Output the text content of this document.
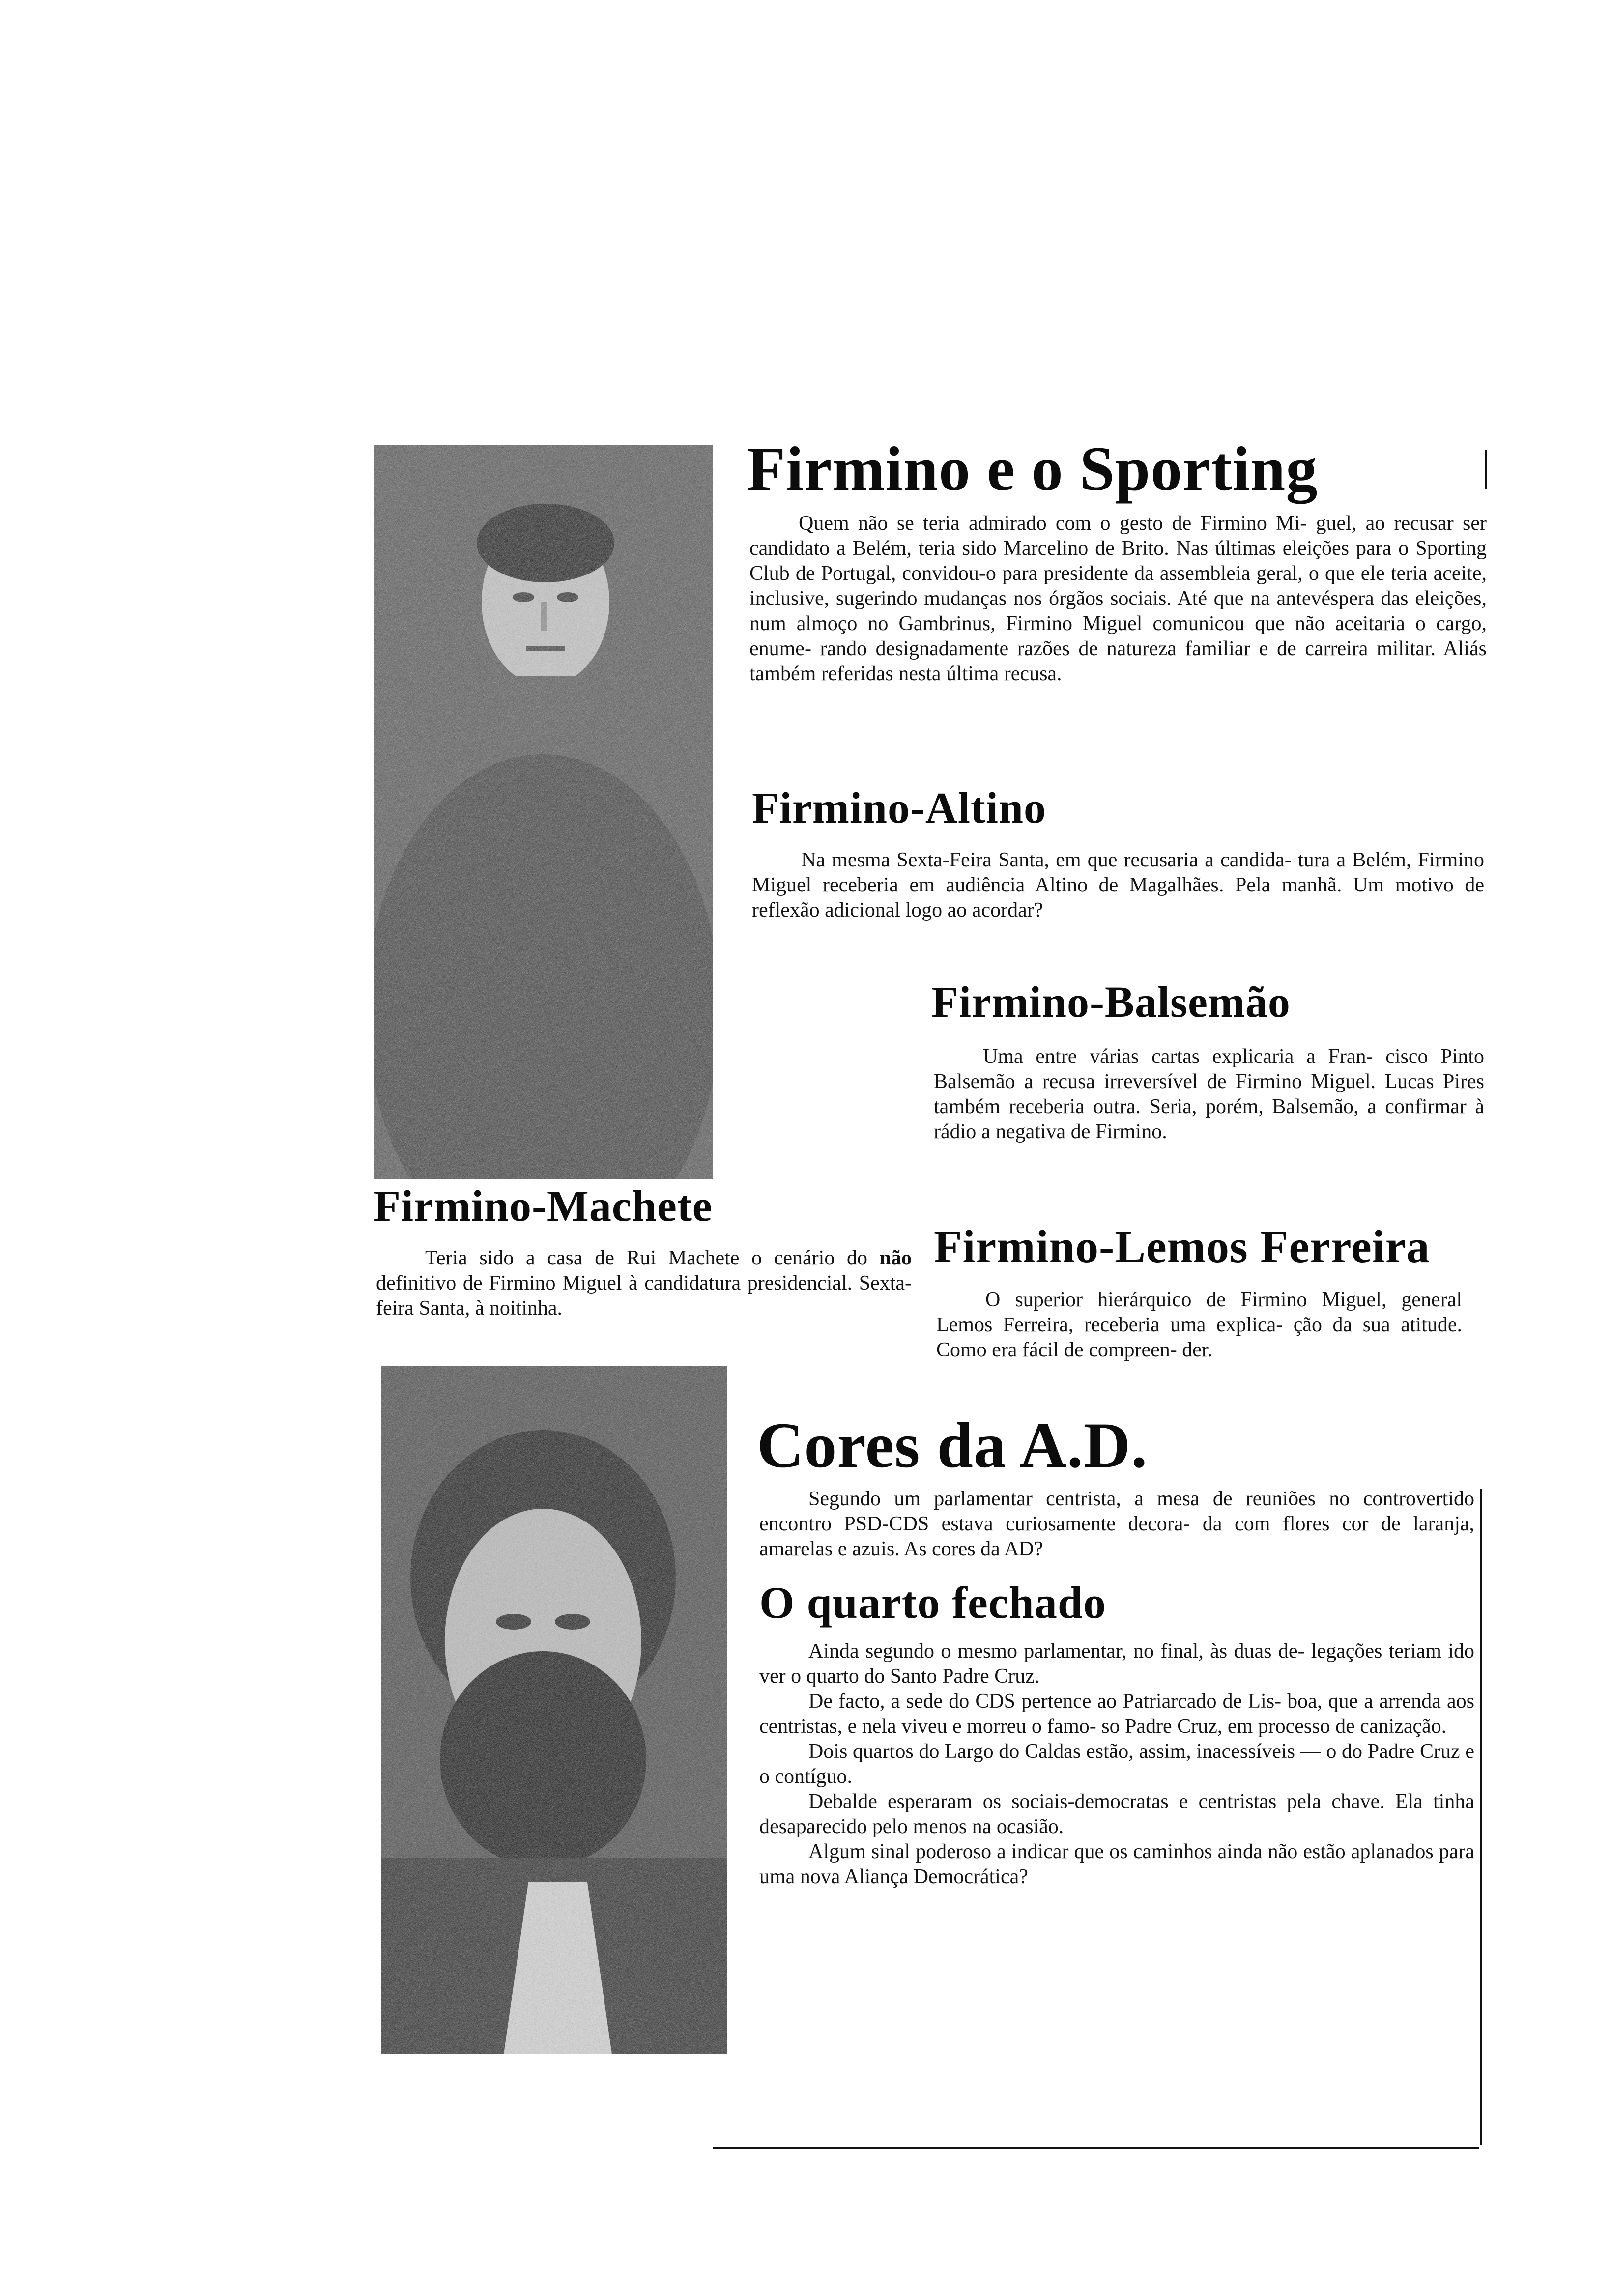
Firmino e o Sporting

Quem não se teria admirado com o gesto de Firmino Mi- guel, ao recusar ser candidato a Belém, teria sido Marcelino de Brito. Nas últimas eleições para o Sporting Club de Portugal, convidou-o para presidente da assembleia geral, o que ele teria aceite, inclusive, sugerindo mudanças nos órgãos sociais. Até que na antevéspera das eleições, num almoço no Gambrinus, Firmino Miguel comunicou que não aceitaria o cargo, enume- rando designadamente razões de natureza familiar e de carreira militar. Aliás também referidas nesta última recusa.

Firmino-Altino

Na mesma Sexta-Feira Santa, em que recusaria a candida- tura a Belém, Firmino Miguel receberia em audiência Altino de Magalhães. Pela manhã. Um motivo de reflexão adicional logo ao acordar?

Firmino-Balsemão

Uma entre várias cartas explicaria a Fran- cisco Pinto Balsemão a recusa irreversível de Firmino Miguel. Lucas Pires também receberia outra. Seria, porém, Balsemão, a confirmar à rádio a negativa de Firmino.

Firmino-Machete

Teria sido a casa de Rui Machete o cenário do não definitivo de Firmino Miguel à candidatura presidencial. Sexta-feira Santa, à noitinha.

Firmino-Lemos Ferreira

O superior hierárquico de Firmino Miguel, general Lemos Ferreira, receberia uma explica- ção da sua atitude. Como era fácil de compreen- der.

Cores da A.D.

Segundo um parlamentar centrista, a mesa de reuniões no controvertido encontro PSD-CDS estava curiosamente decora- da com flores cor de laranja, amarelas e azuis. As cores da AD?

O quarto fechado

Ainda segundo o mesmo parlamentar, no final, às duas de- legações teriam ido ver o quarto do Santo Padre Cruz.

De facto, a sede do CDS pertence ao Patriarcado de Lis- boa, que a arrenda aos centristas, e nela viveu e morreu o famo- so Padre Cruz, em processo de canização.

Dois quartos do Largo do Caldas estão, assim, inacessíveis — o do Padre Cruz e o contíguo.

Debalde esperaram os sociais-democratas e centristas pela chave. Ela tinha desaparecido pelo menos na ocasião.

Algum sinal poderoso a indicar que os caminhos ainda não estão aplanados para uma nova Aliança Democrática?
